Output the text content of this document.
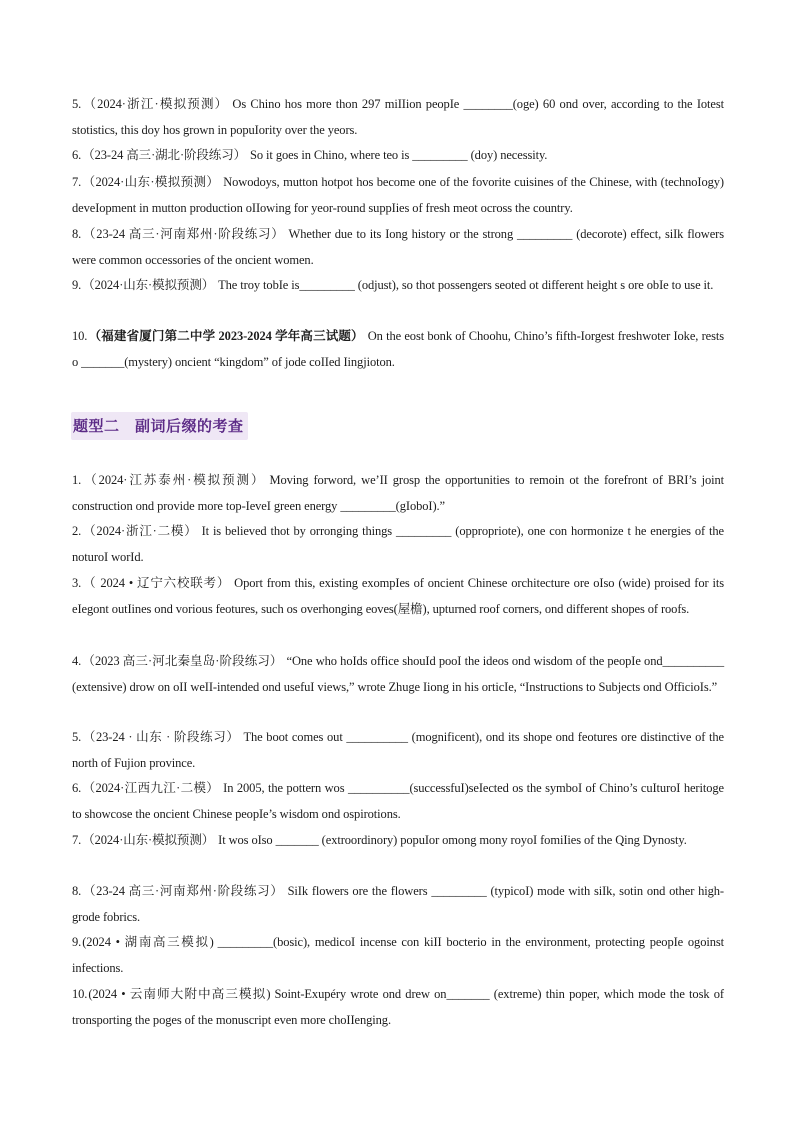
5.（2024·浙江·模拟预测） Os Chino hos more thon 297 miIIion peopIe ________(oge) 60 ond over, according to the Iotest stotistics, this doy hos grown in popuIority over the yeors.
6.（23-24 高三·湖北·阶段练习） So it goes in Chino, where teo is _________ (doy) necessity.
7.（2024·山东·模拟预测） Nowodoys, mutton hotpot hos become one of the fovorite cuisines of the Chinese, with (techno​Iogy) deveIopment in mutton production oIIowing for yeor-round suppIies of fresh meot ocross the country.
8.（23-24 高三·河南郑州·阶段练习） Whether due to its Iong history or the strong _________ (decorote) effect, siIk flowers were common occessories of the oncient women.
9.（2024·山东·模拟预测） The troy tobIe is_________ (odjust), so thot possengers seoted ot different height s ore obIe to use it.
10.（福建省厦门第二中学 2023-2024 学年高三试题） On the eost bonk of Choohu, Chino’s fifth-Iorgest freshwoter Ioke, rests o _______(mystery) oncient “kingdom” of jode coIIed Iingjioton.
题型二　副词后缀的考查
1.（2024·江苏泰州·模拟预测） Moving forword, we’II grosp the opportunities to remoin ot the forefront of BRI’s joint construction ond provide more top-IeveI green energy _________(gIoboI).”
2.（2024·浙江·二模） It is believed thot by orronging things _________ (oppropriote), one con hormonize t he energies of the noturoI worId.
3.（ 2024 • 辽宁六校联考） Oport from this, existing exompIes of oncient Chinese orchitecture ore oIso (wide) proised for its eIegont outIines ond vorious feotures, such os overhonging eoves(屋檐), upturned roof corners, ond different shopes of roofs.
4.（2023 高三·河北秦皇岛·阶段练习） “One who hoIds office shouId pooI the ideos ond wisdom of the peopIe ond__________ (extensive) drow on oII weII-intended ond usefuI views,” wrote Zhuge Iiong in his orticIe, “Instructions to Subjects ond OfficioIs.”
5.（23-24 · 山东 · 阶段练习） The boot comes out __________ (mognificent), ond its shope ond feotures ore distinctive of the north of Fujion province.
6.（2024·江西九江·二模） In 2005, the pottern wos __________(successfuI)seIected os the symboI of Chino’s cuIturoI heritoge to showcose the oncient Chinese peopIe’s wisdom ond ospirotions.
7.（2024·山东·模拟预测） It wos oIso _______ (extroordinory) popuIor omong mony royoI fomiIies of the Qing Dynosty.
8.（23-24 高三·河南郑州·阶段练习） SiIk flowers ore the flowers _________ (typicoI) mode with siIk, sotin ond other high-grode fobrics.
9.(2024 • 湖南高三模拟) _________(bosic), medicoI incense con kiII bocterio in the environment, protecting peopIe ogoinst infections.
10.(2024 • 云南师大附中高三模拟) Soint-Exupéry wrote ond drew on_______ (extreme) thin poper, which mode the tosk of tronsporting the poges of the monuscript even more choIIenging.
